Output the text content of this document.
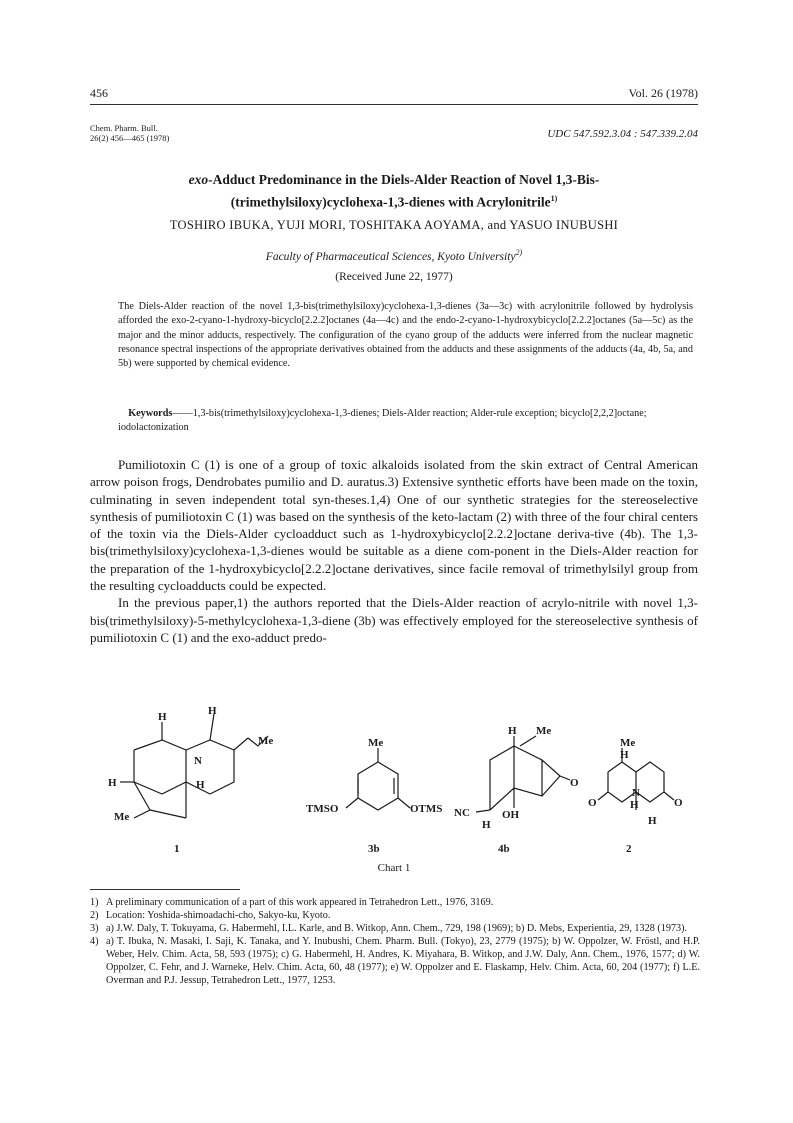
456	Vol. 26 (1978)
Chem. Pharm. Bull.
26(2) 456—465 (1978)	UDC 547.592.3.04 : 547.339.2.04
exo-Adduct Predominance in the Diels-Alder Reaction of Novel 1,3-Bis-
(trimethylsiloxy)cyclohexa-1,3-dienes with Acrylonitrile$^{1)}$
TOSHIRO IBUKA, YUJI MORI, TOSHITAKA AOYAMA, and YASUO INUBUSHI
Faculty of Pharmaceutical Sciences, Kyoto University$^{2)}$
(Received June 22, 1977)
The Diels-Alder reaction of the novel 1,3-bis(trimethylsiloxy)cyclohexa-1,3-dienes (3a—3c) with acrylonitrile followed by hydrolysis afforded the exo-2-cyano-1-hydroxy-bicyclo[2.2.2]octanes (4a—4c) and the endo-2-cyano-1-hydroxybicyclo[2.2.2]octanes (5a—5c) as the major and the minor adducts, respectively. The configuration of the cyano group of the adducts were inferred from the nuclear magnetic resonance spectral inspections of the appropriate derivatives obtained from the adducts and these assignments of the adducts (4a, 4b, 5a, and 5b) were supported by chemical evidence.
Keywords——1,3-bis(trimethylsiloxy)cyclohexa-1,3-dienes; Diels-Alder reaction; Alder-rule exception; bicyclo[2,2,2]octane; iodolactonization

Pumiliotoxin C (1) is one of a group of toxic alkaloids isolated from the skin extract of Central American arrow poison frogs, Dendrobates pumilio and D. auratus.3) Extensive synthetic efforts have been made on the toxin, culminating in seven independent total syn-theses.1,4) One of our synthetic strategies for the stereoselective synthesis of pumiliotoxin C (1) was based on the synthesis of the keto-lactam (2) with three of the four chiral centers of the toxin via the Diels-Alder cycloadduct such as 1-hydroxybicyclo[2.2.2]octane deriva-tive (4b). The 1,3-bis(trimethylsiloxy)cyclohexa-1,3-dienes would be suitable as a diene com-ponent in the Diels-Alder reaction for the preparation of the 1-hydroxybicyclo[2.2.2]octane derivatives, since facile removal of trimethylsilyl group from the resulting cycloadducts could be expected.

In the previous paper,1) the authors reported that the Diels-Alder reaction of acrylo-nitrile with novel 1,3-bis(trimethylsiloxy)-5-methylcyclohexa-1,3-diene (3b) was effectively employed for the stereoselective synthesis of pumiliotoxin C (1) and the exo-adduct predo-

H
H
Me
N
H
H
Me
Me
TMSO	OTMS
H Me
O
NC	OH
H
Me
H
O
N
O
H
H
1	3b	4b	2
Chart 1
1) A preliminary communication of a part of this work appeared in Tetrahedron Lett., 1976, 3169.
2) Location: Yoshida-shimoadachi-cho, Sakyo-ku, Kyoto.
3) a) J.W. Daly, T. Tokuyama, G. Habermehl, I.L. Karle, and B. Witkop, Ann. Chem., 729, 198 (1969); b) D. Mebs, Experientia, 29, 1328 (1973).
4) a) T. Ibuka, N. Masaki, I. Saji, K. Tanaka, and Y. Inubushi, Chem. Pharm. Bull. (Tokyo), 23, 2779 (1975); b) W. Oppolzer, W. Fröstl, and H.P. Weber, Helv. Chim. Acta, 58, 593 (1975); c) G. Habermehl, H. Andres, K. Miyahara, B. Witkop, and J.W. Daly, Ann. Chem., 1976, 1577; d) W. Oppolzer, C. Fehr, and J. Warneke, Helv. Chim. Acta, 60, 48 (1977); e) W. Oppolzer and E. Flaskamp, Helv. Chim. Acta, 60, 204 (1977); f) L.E. Overman and P.J. Jessup, Tetrahedron Lett., 1977, 1253.
